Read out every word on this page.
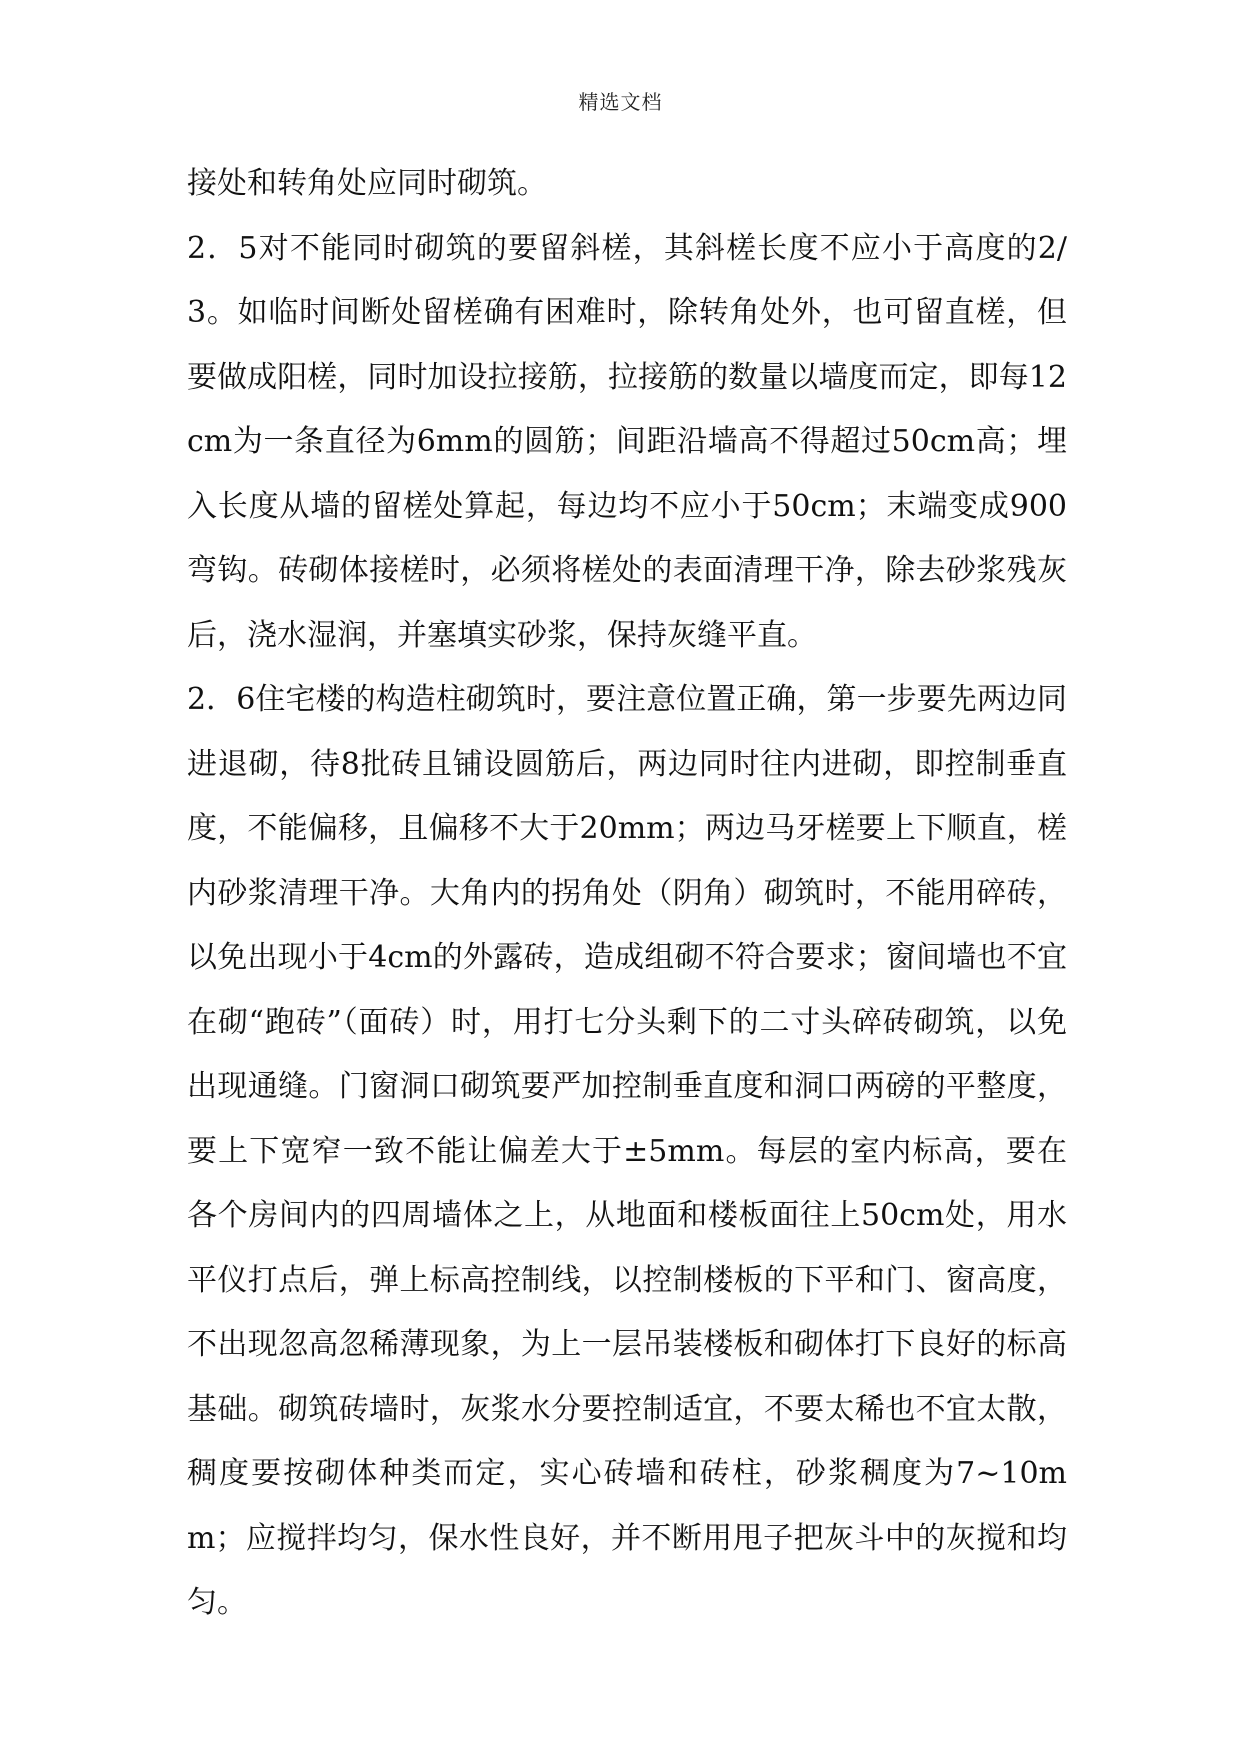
精选文档

接处和转角处应同时砌筑。

2．5对不能同时砌筑的要留斜槎，其斜槎长度不应小于高度的2/3。如临时间断处留槎确有困难时，除转角处外，也可留直槎，但要做成阳槎，同时加设拉接筋，拉接筋的数量以墙度而定，即每12cm为一条直径为6mm的圆筋；间距沿墙高不得超过50cm高；埋入长度从墙的留槎处算起，每边均不应小于50cm；末端变成900弯钩。砖砌体接槎时，必须将槎处的表面清理干净，除去砂浆残灰后，浇水湿润，并塞填实砂浆，保持灰缝平直。

2．6住宅楼的构造柱砌筑时，要注意位置正确，第一步要先两边同进退砌，待8批砖且铺设圆筋后，两边同时往内进砌，即控制垂直度，不能偏移，且偏移不大于20mm；两边马牙槎要上下顺直，槎内砂浆清理干净。大角内的拐角处（阴角）砌筑时，不能用碎砖，以免出现小于4cm的外露砖，造成组砌不符合要求；窗间墙也不宜在砌“跑砖”（面砖）时，用打七分头剩下的二寸头碎砖砌筑，以免出现通缝。门窗洞口砌筑要严加控制垂直度和洞口两磅的平整度，要上下宽窄一致不能让偏差大于±5mm。每层的室内标高，要在各个房间内的四周墙体之上，从地面和楼板面往上50cm处，用水平仪打点后，弹上标高控制线，以控制楼板的下平和门、窗高度，不出现忽高忽稀薄现象，为上一层吊装楼板和砌体打下良好的标高基础。砌筑砖墙时，灰浆水分要控制适宜，不要太稀也不宜太散，稠度要按砌体种类而定，实心砖墙和砖柱，砂浆稠度为7~10mm；应搅拌均匀，保水性良好，并不断用甩子把灰斗中的灰搅和均匀。
